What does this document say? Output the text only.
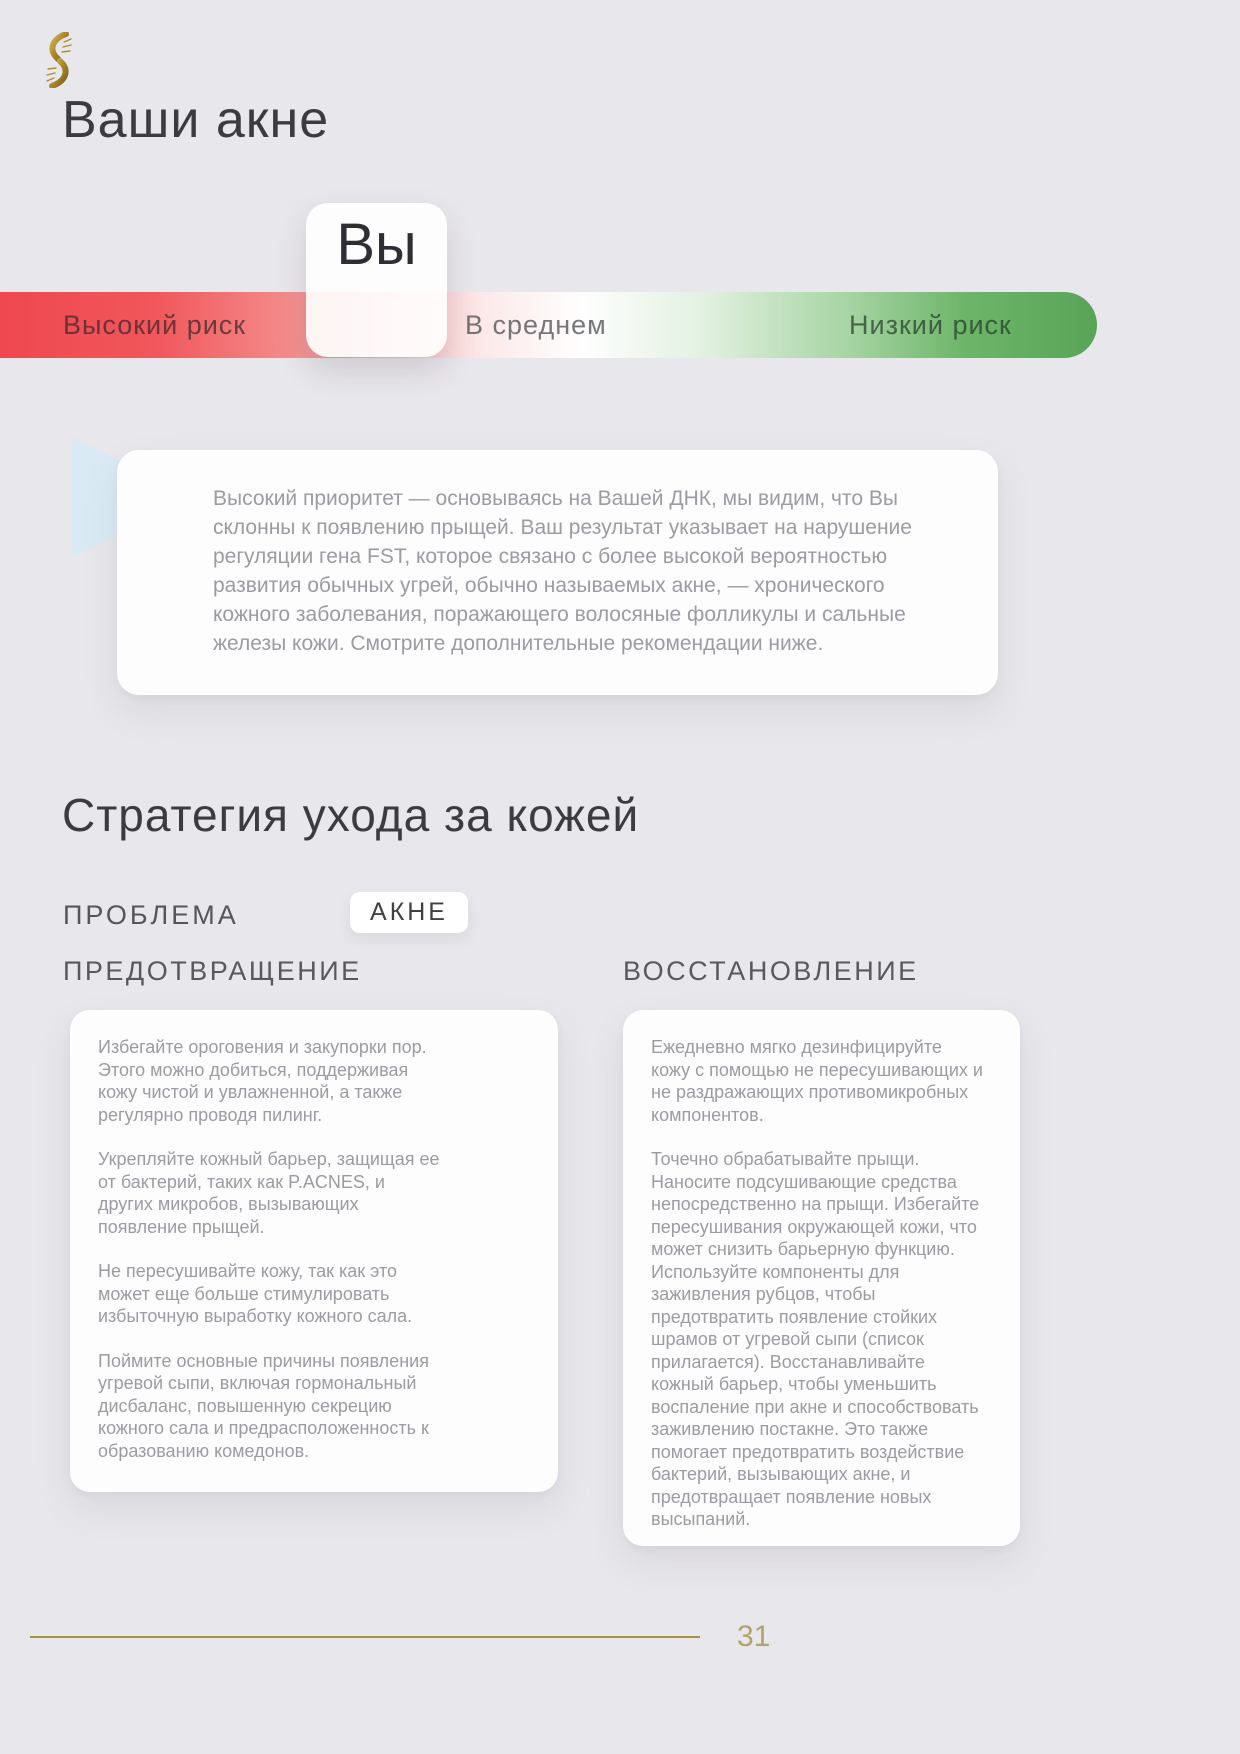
Ваши акне
Высокий риск	В среднем	Низкий риск
Вы

Высокий приоритет — основываясь на Вашей ДНК, мы видим, что Вы склонны к появлению прыщей. Ваш результат указывает на нарушение регуляции гена FST, которое связано с более высокой вероятностью развития обычных угрей, обычно называемых акне, — хронического кожного заболевания, поражающего волосяные фолликулы и сальные железы кожи. Смотрите дополнительные рекомендации ниже.

Стратегия ухода за кожей
ПРОБЛЕМА	АКНЕ
ПРЕДОТВРАЩЕНИЕ	ВОССТАНОВЛЕНИЕ

Избегайте ороговения и закупорки пор. Этого можно добиться, поддерживая кожу чистой и увлажненной, а также регулярно проводя пилинг.

Укрепляйте кожный барьер, защищая ее от бактерий, таких как P.ACNES, и других микробов, вызывающих появление прыщей.

Не пересушивайте кожу, так как это может еще больше стимулировать избыточную выработку кожного сала.

Поймите основные причины появления угревой сыпи, включая гормональный дисбаланс, повышенную секрецию кожного сала и предрасположенность к образованию комедонов.

Ежедневно мягко дезинфицируйте кожу с помощью не пересушивающих и не раздражающих противомикробных компонентов.

Точечно обрабатывайте прыщи. Наносите подсушивающие средства непосредственно на прыщи. Избегайте пересушивания окружающей кожи, что может снизить барьерную функцию. Используйте компоненты для заживления рубцов, чтобы предотвратить появление стойких шрамов от угревой сыпи (список прилагается). Восстанавливайте кожный барьер, чтобы уменьшить воспаление при акне и способствовать заживлению постакне. Это также помогает предотвратить воздействие бактерий, вызывающих акне, и предотвращает появление новых высыпаний.

31
